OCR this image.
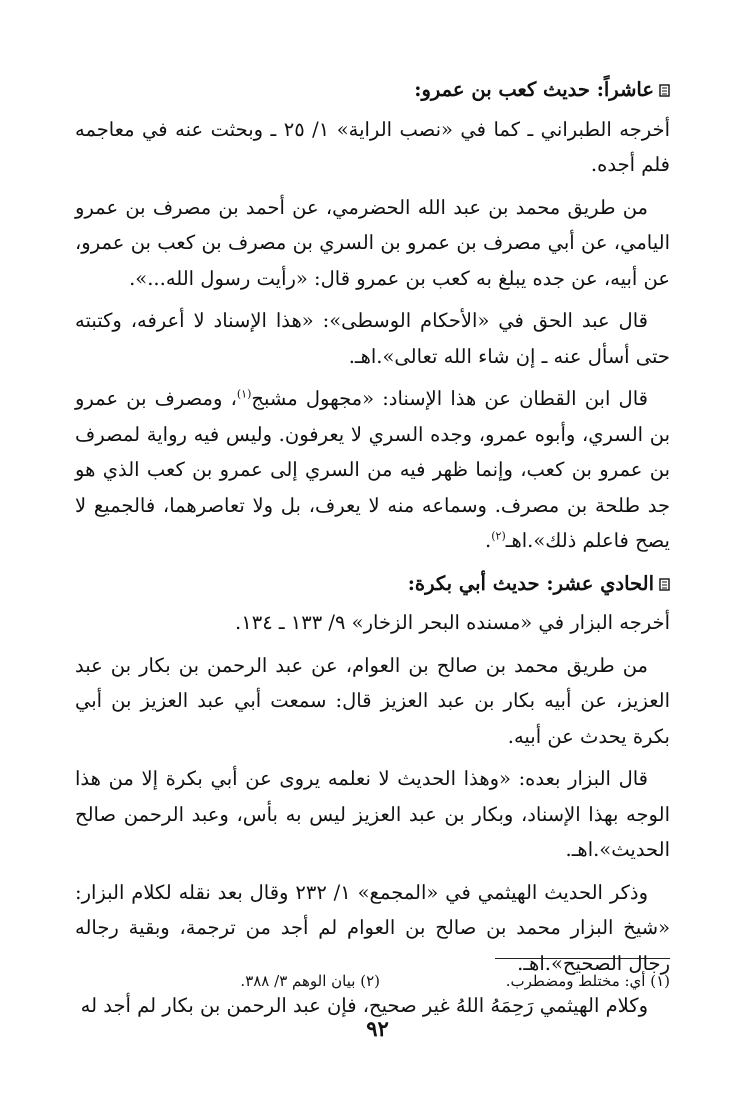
عاشراً: حديث كعب بن عمرو:

أخرجه الطبراني ـ كما في «نصب الراية» ١/ ٢٥ ـ وبحثت عنه في معاجمه فلم أجده.

من طريق محمد بن عبد الله الحضرمي، عن أحمد بن مصرف بن عمرو اليامي، عن أبي مصرف بن عمرو بن السري بن مصرف بن كعب بن عمرو، عن أبيه، عن جده يبلغ به كعب بن عمرو قال: «رأيت رسول الله...».

قال عبد الحق في «الأحكام الوسطى»: «هذا الإسناد لا أعرفه، وكتبته حتى أسأل عنه ـ إن شاء الله تعالى».اهـ.

قال ابن القطان عن هذا الإسناد: «مجهول مشبج$^{(١)}$، ومصرف بن عمرو بن السري، وأبوه عمرو، وجده السري لا يعرفون. وليس فيه رواية لمصرف بن عمرو بن كعب، وإنما ظهر فيه من السري إلى عمرو بن كعب الذي هو جد طلحة بن مصرف. وسماعه منه لا يعرف، بل ولا تعاصرهما، فالجميع لا يصح فاعلم ذلك».اهـ$^{(٢)}$.

الحادي عشر: حديث أبي بكرة:

أخرجه البزار في «مسنده البحر الزخار» ٩/ ١٣٣ ـ ١٣٤.

من طريق محمد بن صالح بن العوام، عن عبد الرحمن بن بكار بن عبد العزيز، عن أبيه بكار بن عبد العزيز قال: سمعت أبي عبد العزيز بن أبي بكرة يحدث عن أبيه.

قال البزار بعده: «وهذا الحديث لا نعلمه يروى عن أبي بكرة إلا من هذا الوجه بهذا الإسناد، وبكار بن عبد العزيز ليس به بأس، وعبد الرحمن صالح الحديث».اهـ.

وذكر الحديث الهيثمي في «المجمع» ١/ ٢٣٢ وقال بعد نقله لكلام البزار: «شيخ البزار محمد بن صالح بن العوام لم أجد من ترجمة، وبقية رجاله رجال الصحيح».اهـ.

وكلام الهيثمي رَحِمَهُ اللهُ غير صحيح، فإن عبد الرحمن بن بكار لم أجد له

(١) أي: مختلط ومضطرب.
(٢) بيان الوهم ٣/ ٣٨٨.
٩٢
